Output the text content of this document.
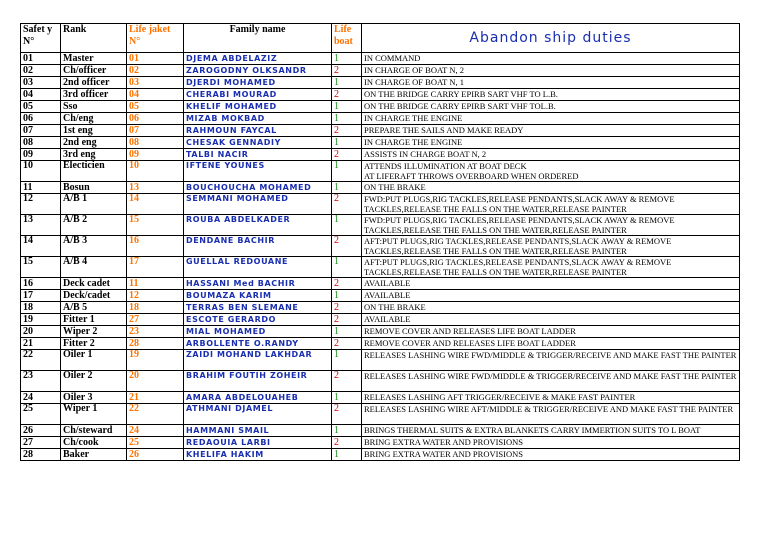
Safet y N°	Rank	Life jaket N°	Family name	Life boat	Abandon ship duties
01	Master	01	DJEMA ABDELAZIZ	1	IN COMMAND
02	Ch/officer	02	ZAROGODNY OLKSANDR	2	IN CHARGE OF BOAT N, 2
03	2nd officer	03	DJERDI MOHAMED	1	IN CHARGE OF BOAT N, 1
04	3rd officer	04	CHERABI MOURAD	2	ON THE BRIDGE CARRY EPIRB SART VHF TO L.B.
05	Sso	05	KHELIF MOHAMED	1	ON THE BRIDGE CARRY EPIRB SART VHF TOL.B.
06	Ch/eng	06	MIZAB MOKBAD	1	IN CHARGE THE ENGINE
07	1st eng	07	RAHMOUN FAYCAL	2	PREPARE THE SAILS AND MAKE READY
08	2nd eng	08	CHESAK GENNADIY	1	IN CHARGE THE ENGINE
09	3rd eng	09	TALBI NACIR	2	ASSISTS IN CHARGE BOAT N, 2
10	Electicien	10	IFTENE YOUNES	1	ATTENDS ILLUMINATION AT BOAT DECK
AT LIFERAFT THROWS OVERBOARD WHEN ORDERED
11	Bosun	13	BOUCHOUCHA MOHAMED	1	ON THE BRAKE
12	A/B 1	14	SEMMANI MOHAMED	2	FWD:PUT PLUGS,RIG TACKLES,RELEASE PENDANTS,SLACK AWAY & REMOVE TACKLES,RELEASE THE FALLS ON THE WATER,RELEASE PAINTER
13	A/B 2	15	ROUBA ABDELKADER	1	FWD:PUT PLUGS,RIG TACKLES,RELEASE PENDANTS,SLACK AWAY & REMOVE TACKLES,RELEASE THE FALLS ON THE WATER,RELEASE PAINTER
14	A/B 3	16	DENDANE BACHIR	2	AFT:PUT PLUGS,RIG TACKLES,RELEASE PENDANTS,SLACK AWAY & REMOVE TACKLES,RELEASE THE FALLS ON THE WATER,RELEASE PAINTER
15	A/B 4	17	GUELLAL REDOUANE	1	AFT:PUT PLUGS,RIG TACKLES,RELEASE PENDANTS,SLACK AWAY & REMOVE TACKLES,RELEASE THE FALLS ON THE WATER,RELEASE PAINTER
16	Deck cadet	11	HASSANI Med BACHIR	2	AVAILABLE
17	Deck/cadet	12	BOUMAZA KARIM	1	AVAILABLE
18	A/B 5	18	TERRAS BEN SLEMANE	2	ON THE BRAKE
19	Fitter 1	27	ESCOTE GERARDO	2	AVAILABLE
20	Wiper 2	23	MIAL MOHAMED	1	REMOVE COVER AND RELEASES LIFE BOAT LADDER
21	Fitter 2	28	ARBOLLENTE O.RANDY	2	REMOVE COVER AND RELEASES LIFE BOAT LADDER
22	Oiler 1	19	ZAIDI MOHAND LAKHDAR	1	RELEASES LASHING WIRE FWD/MIDDLE & TRIGGER/RECEIVE AND MAKE FAST THE PAINTER
23	Oiler 2	20	BRAHIM FOUTIH ZOHEIR	2	RELEASES LASHING WIRE FWD/MIDDLE & TRIGGER/RECEIVE AND MAKE FAST THE PAINTER
24	Oiler 3	21	AMARA ABDELOUAHEB	1	RELEASES LASHING AFT TRIGGER/RECEIVE & MAKE FAST PAINTER
25	Wiper 1	22	ATHMANI DJAMEL	2	RELEASES LASHING WIRE AFT/MIDDLE & TRIGGER/RECEIVE AND MAKE FAST THE PAINTER
26	Ch/steward	24	HAMMANI SMAIL	1	BRINGS THERMAL SUITS & EXTRA BLANKETS CARRY IMMERTION SUITS TO L BOAT
27	Ch/cook	25	REDAOUIA LARBI	2	BRING EXTRA WATER AND PROVISIONS
28	Baker	26	KHELIFA HAKIM	1	BRING EXTRA WATER AND PROVISIONS
